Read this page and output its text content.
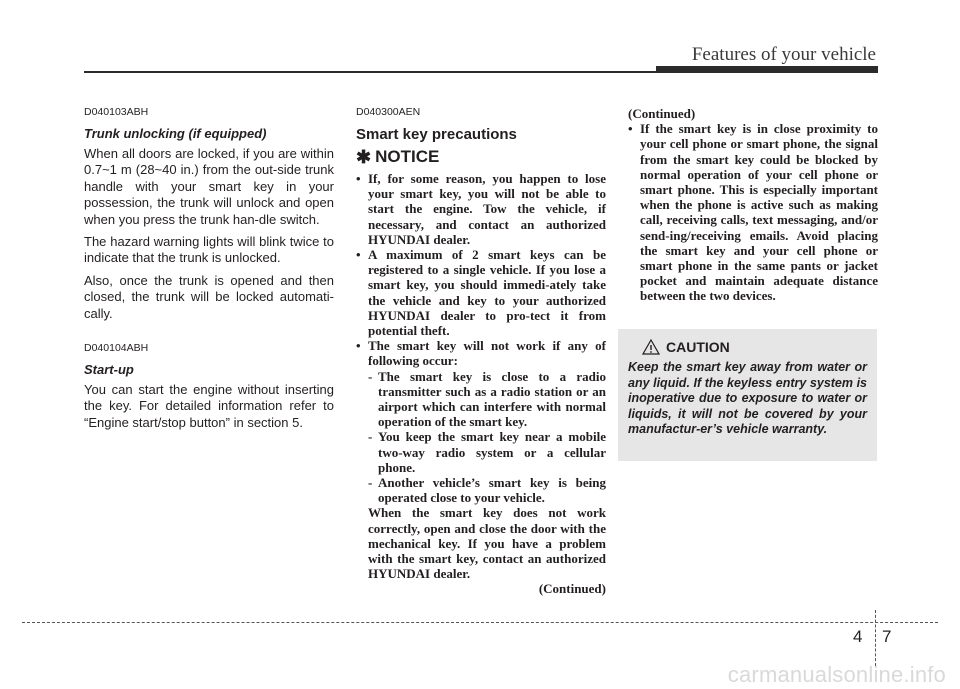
Features of your vehicle
D040103ABH
Trunk unlocking (if equipped)

When all doors are locked, if you are within 0.7~1 m (28~40 in.) from the out-side trunk handle with your smart key in your possession, the trunk will unlock and open when you press the trunk han-dle switch.

The hazard warning lights will blink twice to indicate that the trunk is unlocked.

Also, once the trunk is opened and then closed, the trunk will be locked automati-cally.

D040104ABH
Start-up

You can start the engine without inserting the key. For detailed information refer to “Engine start/stop button” in section 5.

D040300AEN
Smart key precautions
✱ NOTICE

• If, for some reason, you happen to lose your smart key, you will not be able to start the engine. Tow the vehicle, if necessary, and contact an authorized HYUNDAI dealer.

• A maximum of 2 smart keys can be registered to a single vehicle. If you lose a smart key, you should immedi-ately take the vehicle and key to your authorized HYUNDAI dealer to pro-tect it from potential theft.

• The smart key will not work if any of following occur:

- The smart key is close to a radio transmitter such as a radio station or an airport which can interfere with normal operation of the smart key.

- You keep the smart key near a mobile two-way radio system or a cellular phone.

- Another vehicle’s smart key is being operated close to your vehicle.

When the smart key does not work correctly, open and close the door with the mechanical key. If you have a problem with the smart key, contact an authorized HYUNDAI dealer.

(Continued)

(Continued)

• If the smart key is in close proximity to your cell phone or smart phone, the signal from the smart key could be blocked by normal operation of your cell phone or smart phone. This is especially important when the phone is active such as making call, receiving calls, text messaging, and/or send-ing/receiving emails. Avoid placing the smart key and your cell phone or smart phone in the same pants or jacket pocket and maintain adequate distance between the two devices.

CAUTION

Keep the smart key away from water or any liquid. If the keyless entry system is inoperative due to exposure to water or liquids, it will not be covered by your manufactur-er’s vehicle warranty.

4 7
carmanualsonline.info
